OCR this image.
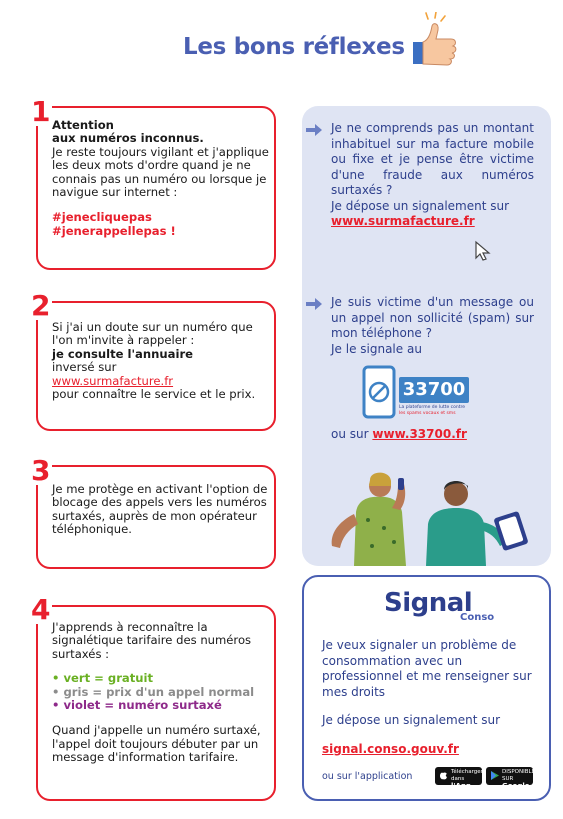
Les bons réflexes
1 Attention

aux numéros inconnus.

Je reste toujours vigilant et j'applique les deux mots d'ordre quand je ne connais pas un numéro ou lorsque je navigue sur internet :

#jenecliquepas

#jenerappellepas !

2

Si j'ai un doute sur un numéro que l'on m'invite à rappeler :

je consulte l'annuaire

inversé sur

www.surmafacture.fr

pour connaître le service et le prix.

3

Je me protège en activant l'option de blocage des appels vers les numéros surtaxés, auprès de mon opérateur téléphonique.

4

J'apprends à reconnaître la signalétique tarifaire des numéros surtaxés :

• vert = gratuit

• gris = prix d'un appel normal

• violet = numéro surtaxé

Quand j'appelle un numéro surtaxé, l'appel doit toujours débuter par un message d'information tarifaire.

Je ne comprends pas un montant inhabituel sur ma facture mobile ou fixe et je pense être victime d'une fraude aux numéros surtaxés ?

Je dépose un signalement sur

www.surmafacture.fr

Je suis victime d'un message ou un appel non sollicité (spam) sur mon téléphone ?

Je le signale au

33700
La plateforme de lutte contre
les spams vocaux et sms

ou sur www.33700.fr

Signal
Conso
Je veux signaler un problème de consommation avec un professionnel et me renseigner sur mes droits
Je dépose un signalement sur
signal.conso.gouv.fr
ou sur l'application	Télécharger dans
l'App Store
DISPONIBLE SUR
Google Play
